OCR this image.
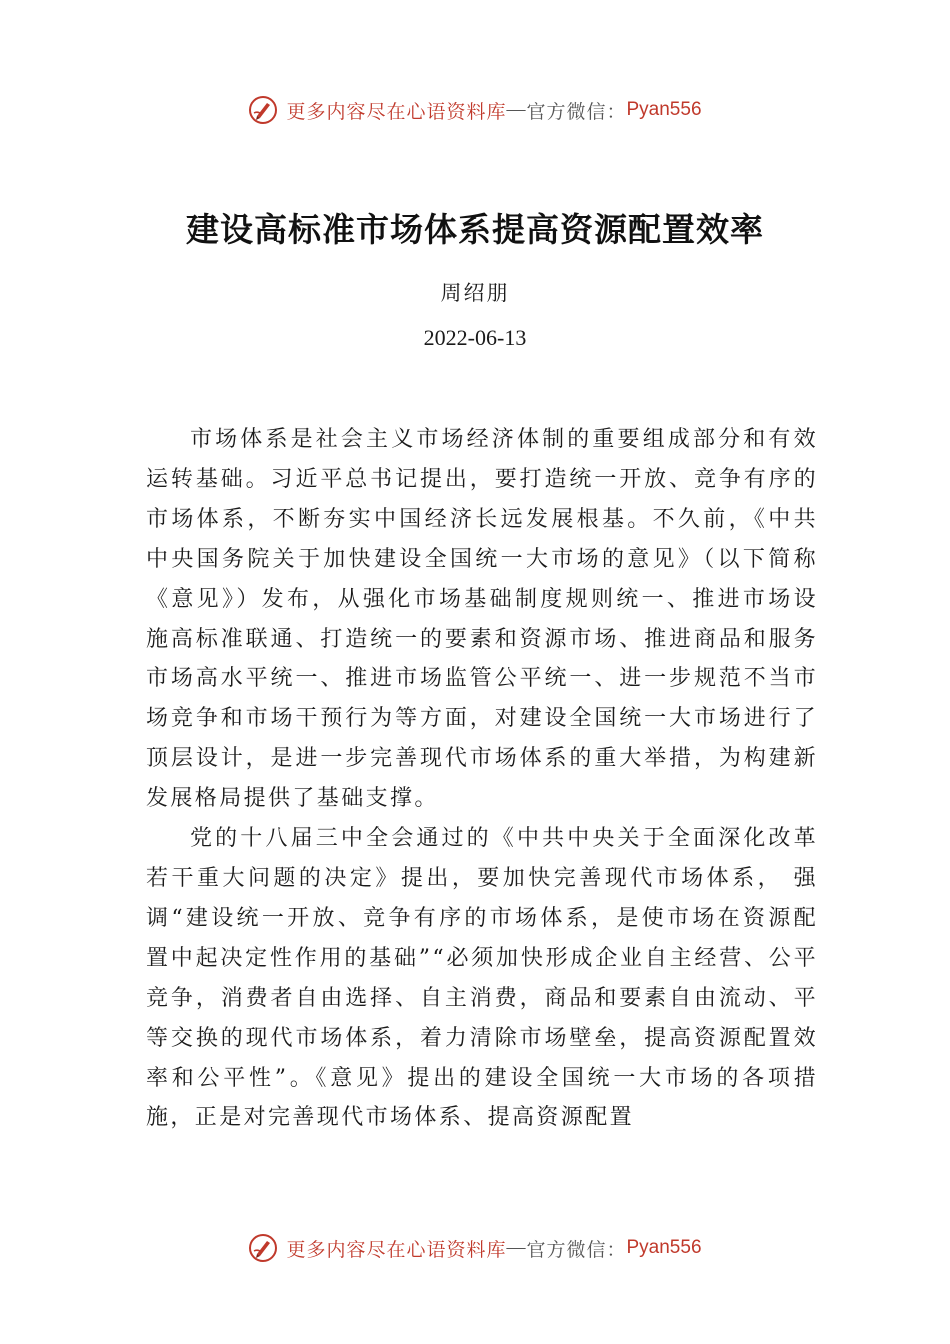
更多内容尽在心语资料库 — 官方微信： Pyan556
建设高标准市场体系提高资源配置效率
周绍朋
2022-06-13

市场体系是社会主义市场经济体制的重要组成部分和有效运转基础。习近平总书记提出，要打造统一开放、竞争有序的市场体系，不断夯实中国经济长远发展根基。不久前，《中共中央国务院关于加快建设全国统一大市场的意见》（以下简称《意见》）发布，从强化市场基础制度规则统一、推进市场设施高标准联通、打造统一的要素和资源市场、推进商品和服务市场高水平统一、推进市场监管公平统一、进一步规范不当市场竞争和市场干预行为等方面，对建设全国统一大市场进行了顶层设计，是进一步完善现代市场体系的重大举措，为构建新发展格局提供了基础支撑。

党的十八届三中全会通过的《中共中央关于全面深化改革若干重大问题的决定》提出，要加快完善现代市场体系， 强调“建设统一开放、竞争有序的市场体系，是使市场在资源配置中起决定性作用的基础”“必须加快形成企业自主经营、公平竞争，消费者自由选择、自主消费，商品和要素自由流动、平等交换的现代市场体系，着力清除市场壁垒，提高资源配置效率和公平性”。《意见》提出的建设全国统一大市场的各项措施，正是对完善现代市场体系、提高资源配置

更多内容尽在心语资料库 — 官方微信： Pyan556
